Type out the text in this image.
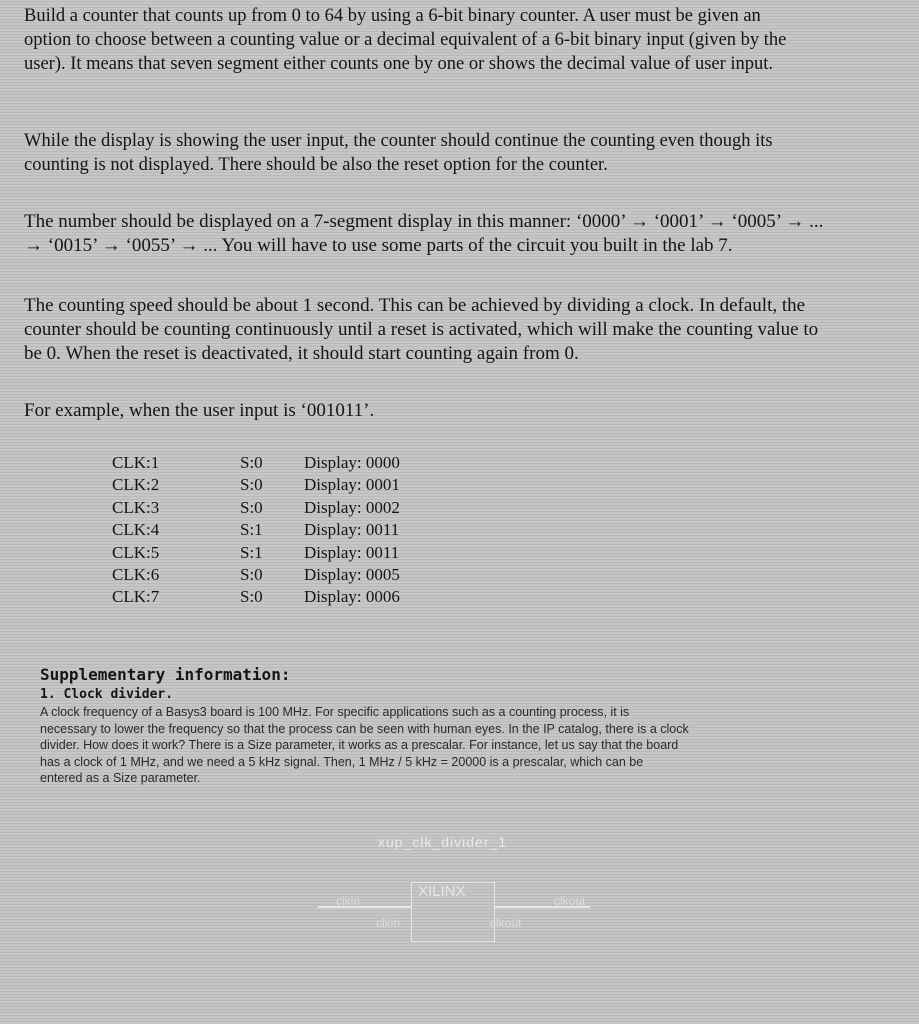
Build a counter that counts up from 0 to 64 by using a 6-bit binary counter. A user must be given an
option to choose between a counting value or a decimal equivalent of a 6-bit binary input (given by the
user). It means that seven segment either counts one by one or shows the decimal value of user input.
While the display is showing the user input, the counter should continue the counting even though its
counting is not displayed. There should be also the reset option for the counter.
The number should be displayed on a 7-segment display in this manner: ‘0000’ → ‘0001’ → ‘0005’ → ...
→ ‘0015’ → ‘0055’ → ... You will have to use some parts of the circuit you built in the lab 7.
The counting speed should be about 1 second. This can be achieved by dividing a clock. In default, the
counter should be counting continuously until a reset is activated, which will make the counting value to
be 0. When the reset is deactivated, it should start counting again from 0.
For example, when the user input is ‘001011’.
CLK:1	S:0 Display: 0000
CLK:2	S:0 Display: 0001
CLK:3	S:0 Display: 0002
CLK:4	S:1 Display: 0011
CLK:5	S:1 Display: 0011
CLK:6	S:0 Display: 0005
CLK:7	S:0 Display: 0006
Supplementary information:
1. Clock divider.
A clock frequency of a Basys3 board is 100 MHz. For specific applications such as a counting process, it is
necessary to lower the frequency so that the process can be seen with human eyes. In the IP catalog, there is a clock
divider. How does it work? There is a Size parameter, it works as a prescalar. For instance, let us say that the board
has a clock of 1 MHz, and we need a 5 kHz signal. Then, 1 MHz / 5 kHz = 20000 is a prescalar, which can be
entered as a Size parameter.
xup_clk_divider_1
clkin
XILINX
clkin	clkout
clkout
